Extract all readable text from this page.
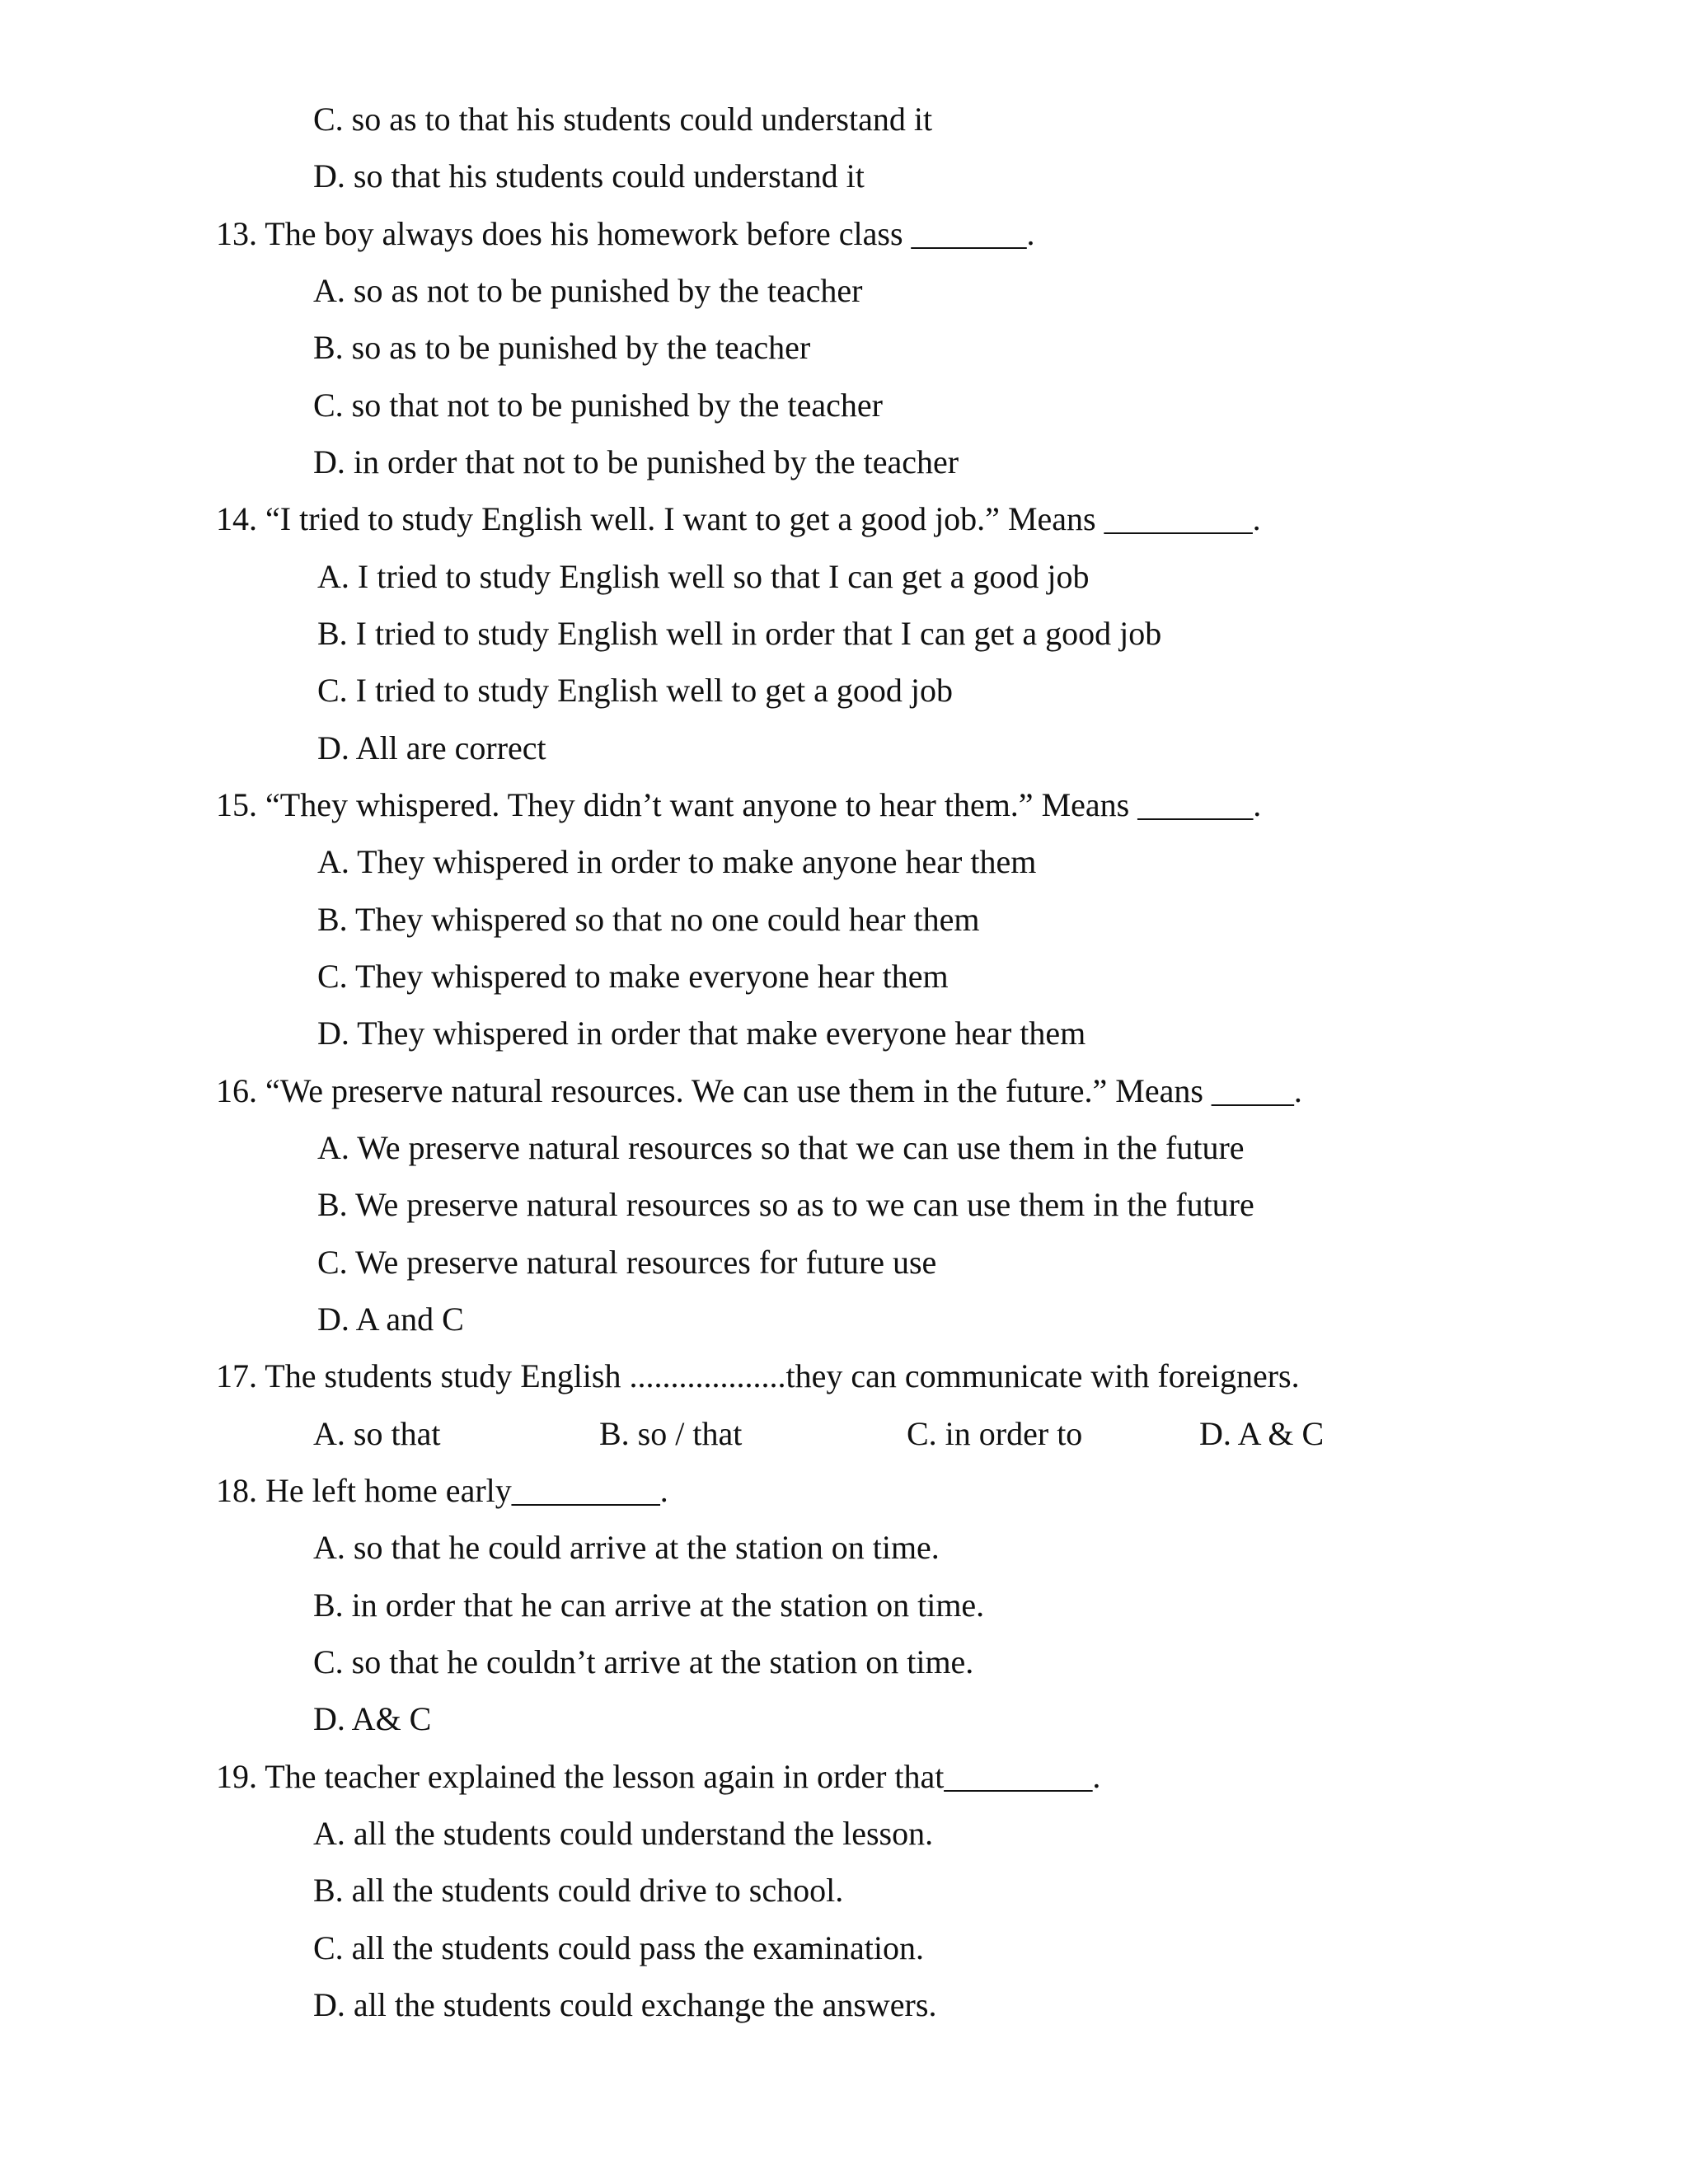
C. so as to that his students could understand it
D. so that his students could understand it
13. The boy always does his homework before class _______.
A. so as not to be punished by the teacher
B. so as to be punished by the teacher
C. so that not to be punished by the teacher
D. in order that not to be punished by the teacher
14. “I tried to study English well. I want to get a good job.” Means _________.
A. I tried to study English well so that I can get a good job
B. I tried to study English well in order that I can get a good job
C. I tried to study English well to get a good job
D. All are correct
15. “They whispered. They didn’t want anyone to hear them.” Means _______.
A. They whispered in order to make anyone hear them
B. They whispered so that no one could hear them
C. They whispered to make everyone hear them
D. They whispered in order that make everyone hear them
16. “We preserve natural resources. We can use them in the future.” Means _____.
A. We preserve natural resources so that we can use them in the future
B. We preserve natural resources so as to we can use them in the future
C. We preserve natural resources for future use
D. A and C
17. The students study English ...................they can communicate with foreigners.
A. so that	B. so / that	C. in order to	D. A & C
18. He left home early_________.
A. so that he could arrive at the station on time.
B. in order that he can arrive at the station on time.
C. so that he couldn’t arrive at the station on time.
D. A& C
19. The teacher explained the lesson again in order that_________.
A. all the students could understand the lesson.
B. all the students could drive to school.
C. all the students could pass the examination.
D. all the students could exchange the answers.
